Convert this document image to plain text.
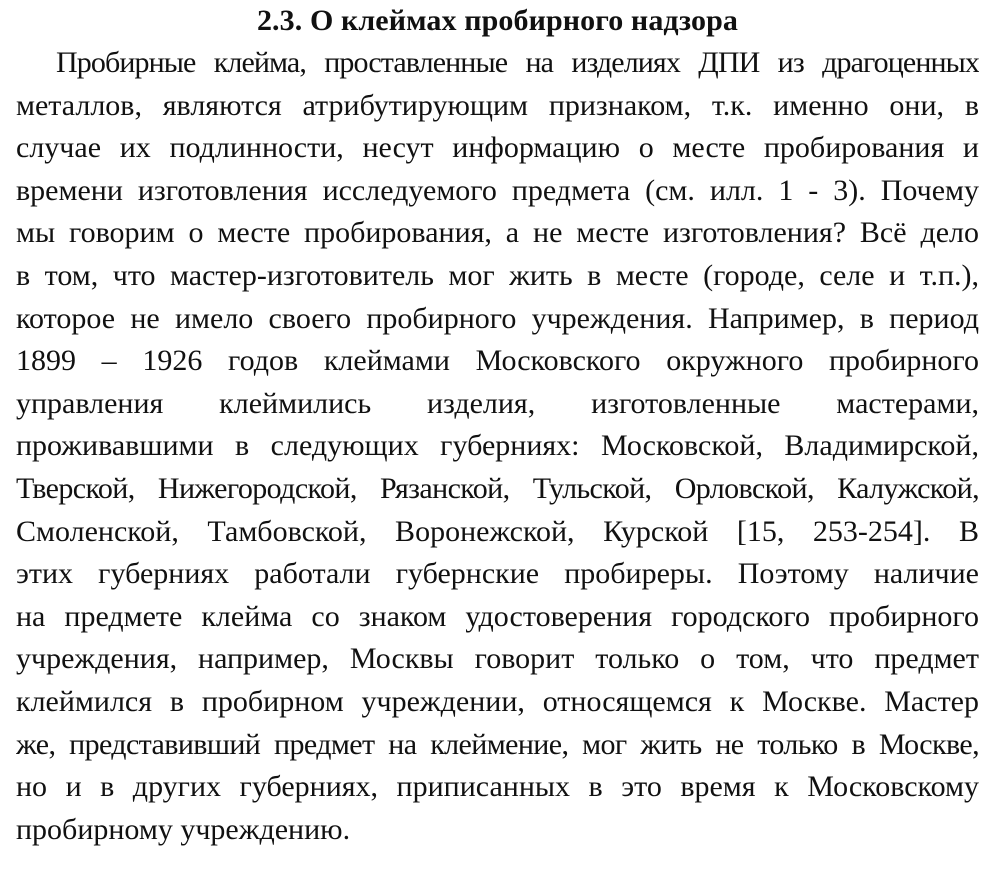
2.3. О клеймах пробирного надзора
Пробирные клейма, проставленные на изделиях ДПИ из драгоценных
металлов, являются атрибутирующим признаком, т.к. именно они, в
случае их подлинности, несут информацию о месте пробирования и
времени изготовления исследуемого предмета (см. илл. 1 - 3). Почему
мы говорим о месте пробирования, а не месте изготовления? Всё дело
в том, что мастер-изготовитель мог жить в месте (городе, селе и т.п.),
которое не имело своего пробирного учреждения. Например, в период
1899 – 1926 годов клеймами Московского окружного пробирного
управления клеймились изделия, изготовленные мастерами,
проживавшими в следующих губерниях: Московской, Владимирской,
Тверской, Нижегородской, Рязанской, Тульской, Орловской, Калужской,
Смоленской, Тамбовской, Воронежской, Курской [15, 253-254]. В
этих губерниях работали губернские пробиреры. Поэтому наличие
на предмете клейма со знаком удостоверения городского пробирного
учреждения, например, Москвы говорит только о том, что предмет
клеймился в пробирном учреждении, относящемся к Москве. Мастер
же, представивший предмет на клеймение, мог жить не только в Москве,
но и в других губерниях, приписанных в это время к Московскому
пробирному учреждению.
